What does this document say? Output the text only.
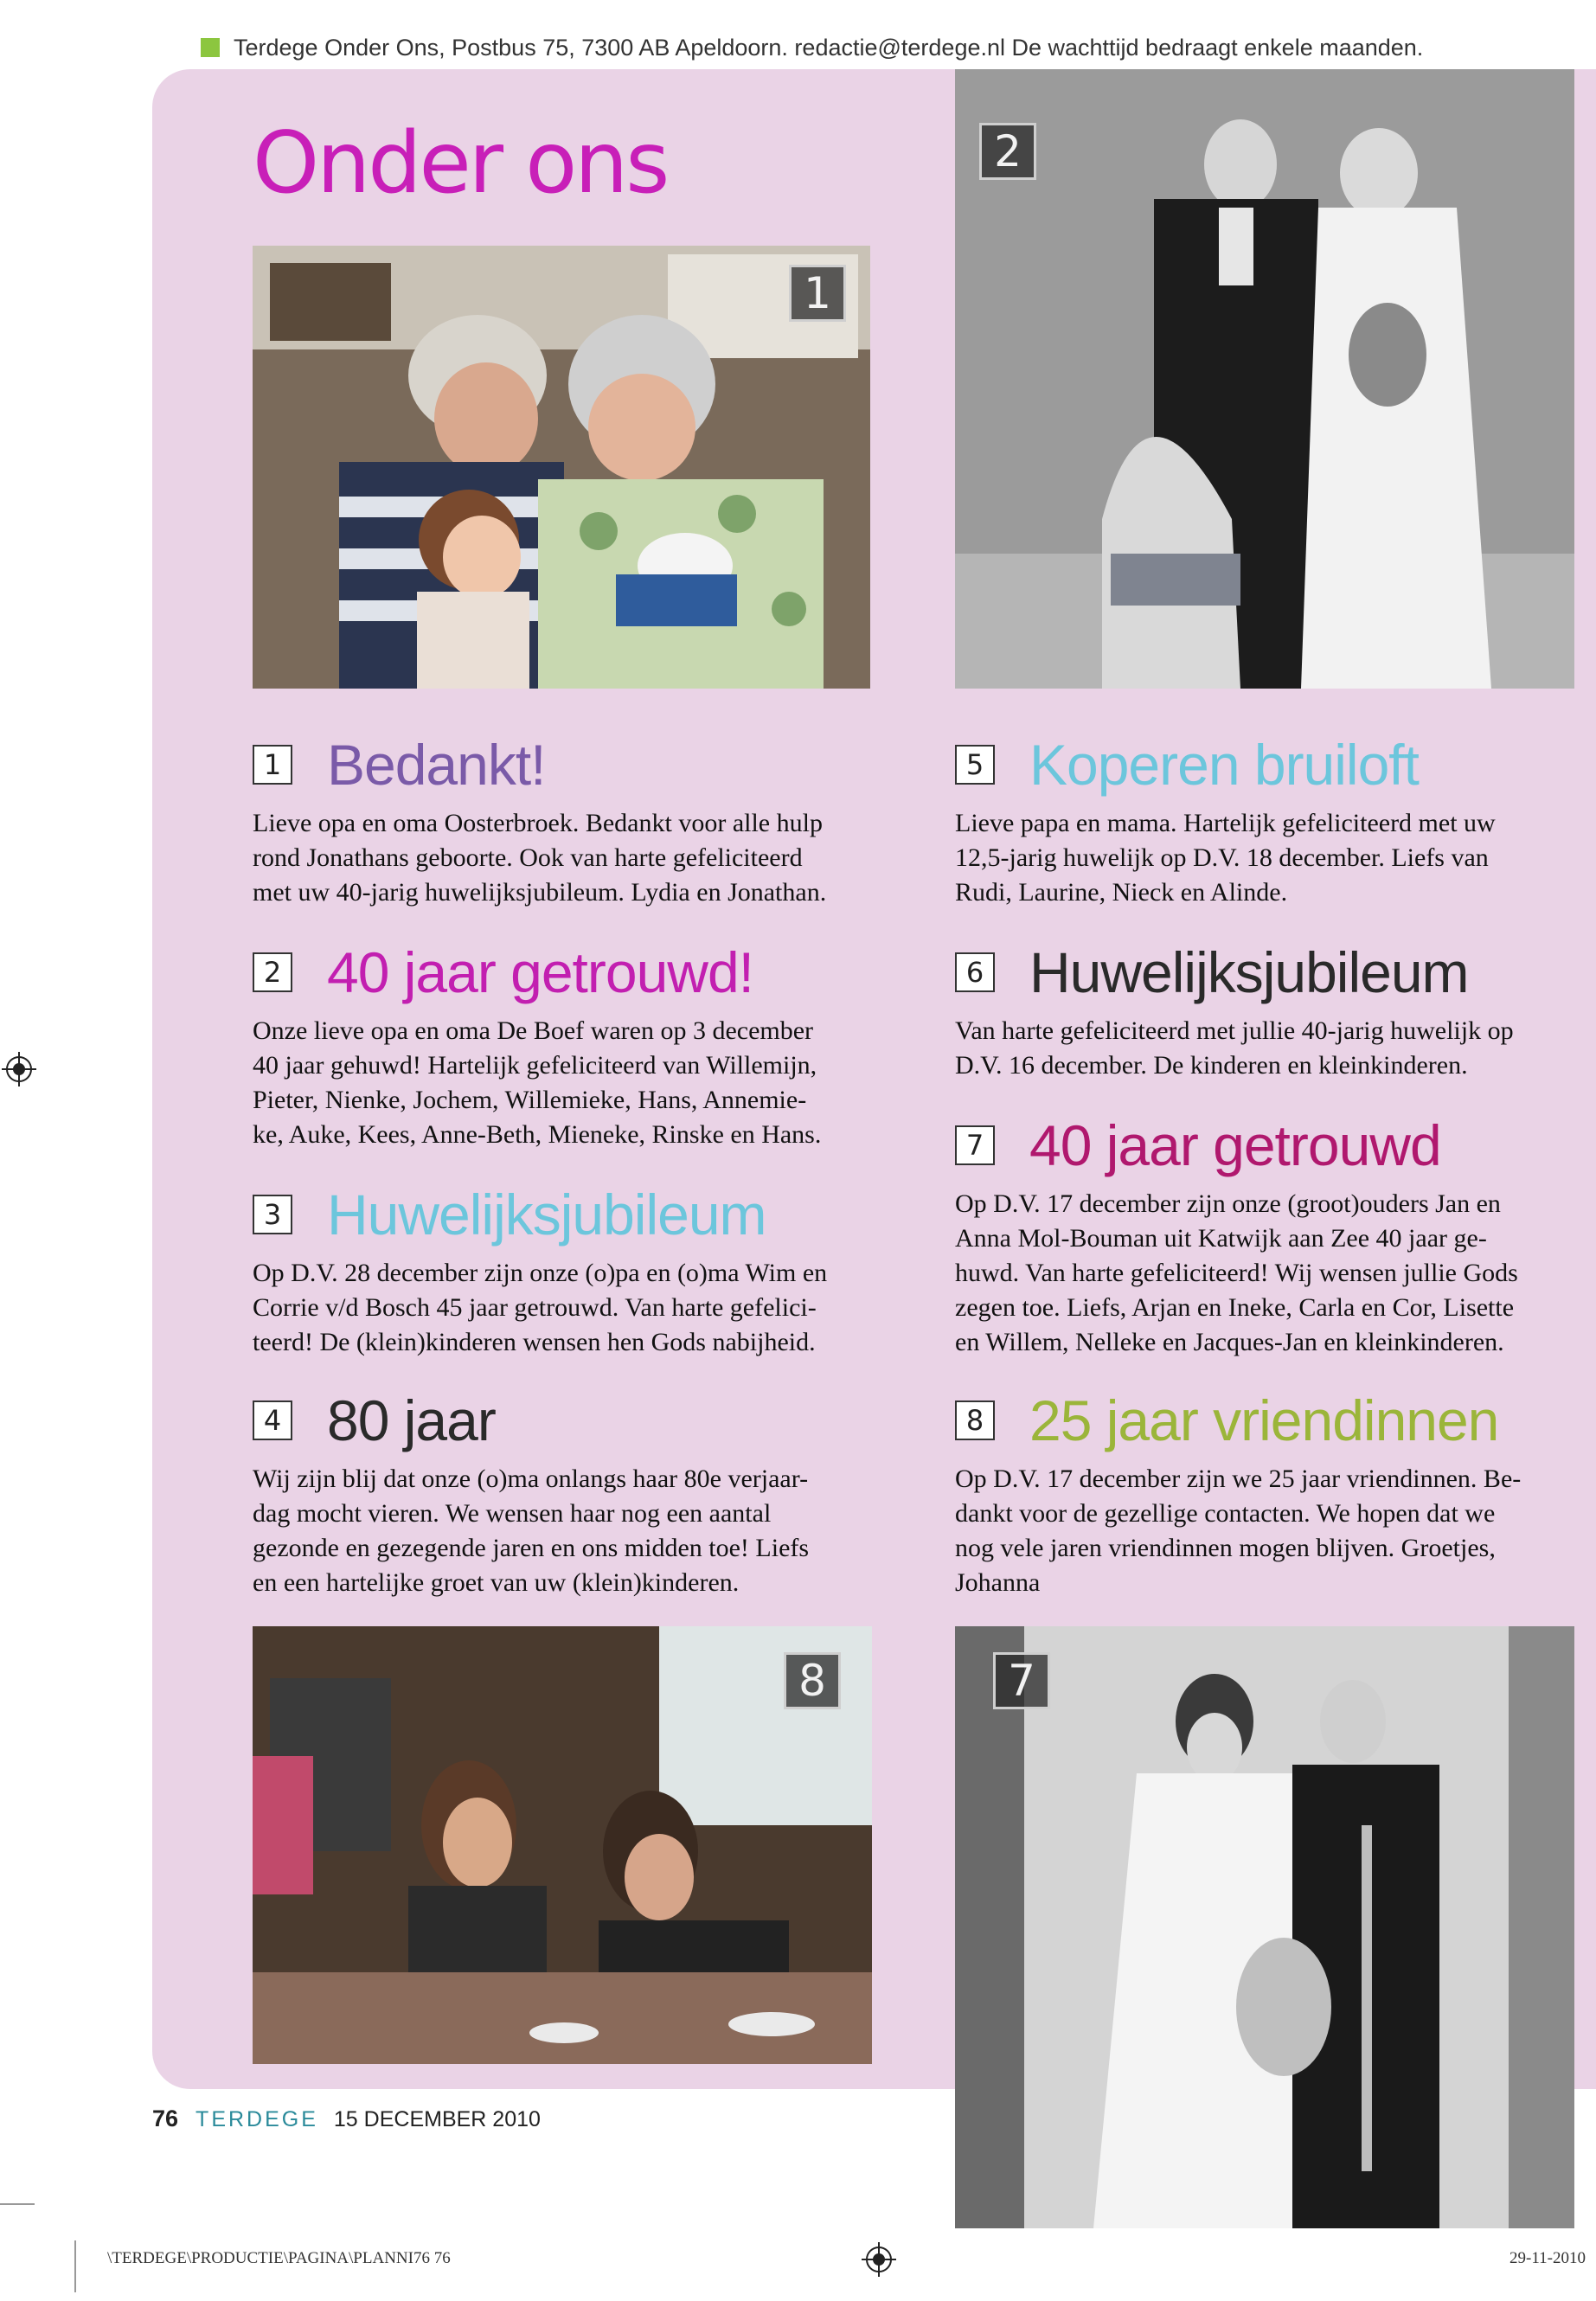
Terdege Onder Ons, Postbus 75, 7300 AB Apeldoorn. redactie@terdege.nl De wachttijd bedraagt enkele maanden.
Onder ons
1
2
1 Bedankt!
Lieve opa en oma Oosterbroek. Bedankt voor alle hulp
rond Jonathans geboorte. Ook van harte gefeliciteerd
met uw 40-jarig huwelijksjubileum. Lydia en Jonathan.
2 40 jaar getrouwd!
Onze lieve opa en oma De Boef waren op 3 december
40 jaar gehuwd! Hartelijk gefeliciteerd van Willemijn,
Pieter, Nienke, Jochem, Willemieke, Hans, Annemie-
ke, Auke, Kees, Anne-Beth, Mieneke, Rinske en Hans.
3 Huwelijksjubileum
Op D.V. 28 december zijn onze (o)pa en (o)ma Wim en
Corrie v/d Bosch 45 jaar getrouwd. Van harte gefelici-
teerd! De (klein)kinderen wensen hen Gods nabijheid.
4 80 jaar
Wij zijn blij dat onze (o)ma onlangs haar 80e verjaar-
dag mocht vieren. We wensen haar nog een aantal
gezonde en gezegende jaren en ons midden toe! Liefs
en een hartelijke groet van uw (klein)kinderen.
5 Koperen bruiloft
Lieve papa en mama. Hartelijk gefeliciteerd met uw
12,5-jarig huwelijk op D.V. 18 december. Liefs van
Rudi, Laurine, Nieck en Alinde.
6 Huwelijksjubileum
Van harte gefeliciteerd met jullie 40-jarig huwelijk op
D.V. 16 december. De kinderen en kleinkinderen.
7 40 jaar getrouwd
Op D.V. 17 december zijn onze (groot)ouders Jan en
Anna Mol-Bouman uit Katwijk aan Zee 40 jaar ge-
huwd. Van harte gefeliciteerd! Wij wensen jullie Gods
zegen toe. Liefs, Arjan en Ineke, Carla en Cor, Lisette
en Willem, Nelleke en Jacques-Jan en kleinkinderen.
8 25 jaar vriendinnen
Op D.V. 17 december zijn we 25 jaar vriendinnen. Be-
dankt voor de gezellige contacten. We hopen dat we
nog vele jaren vriendinnen mogen blijven. Groetjes,
Johanna
8	7
76 TERDEGE 15 DECEMBER 2010
\TERDEGE\PRODUCTIE\PAGINA\PLANNI76 76	29-11-2010
